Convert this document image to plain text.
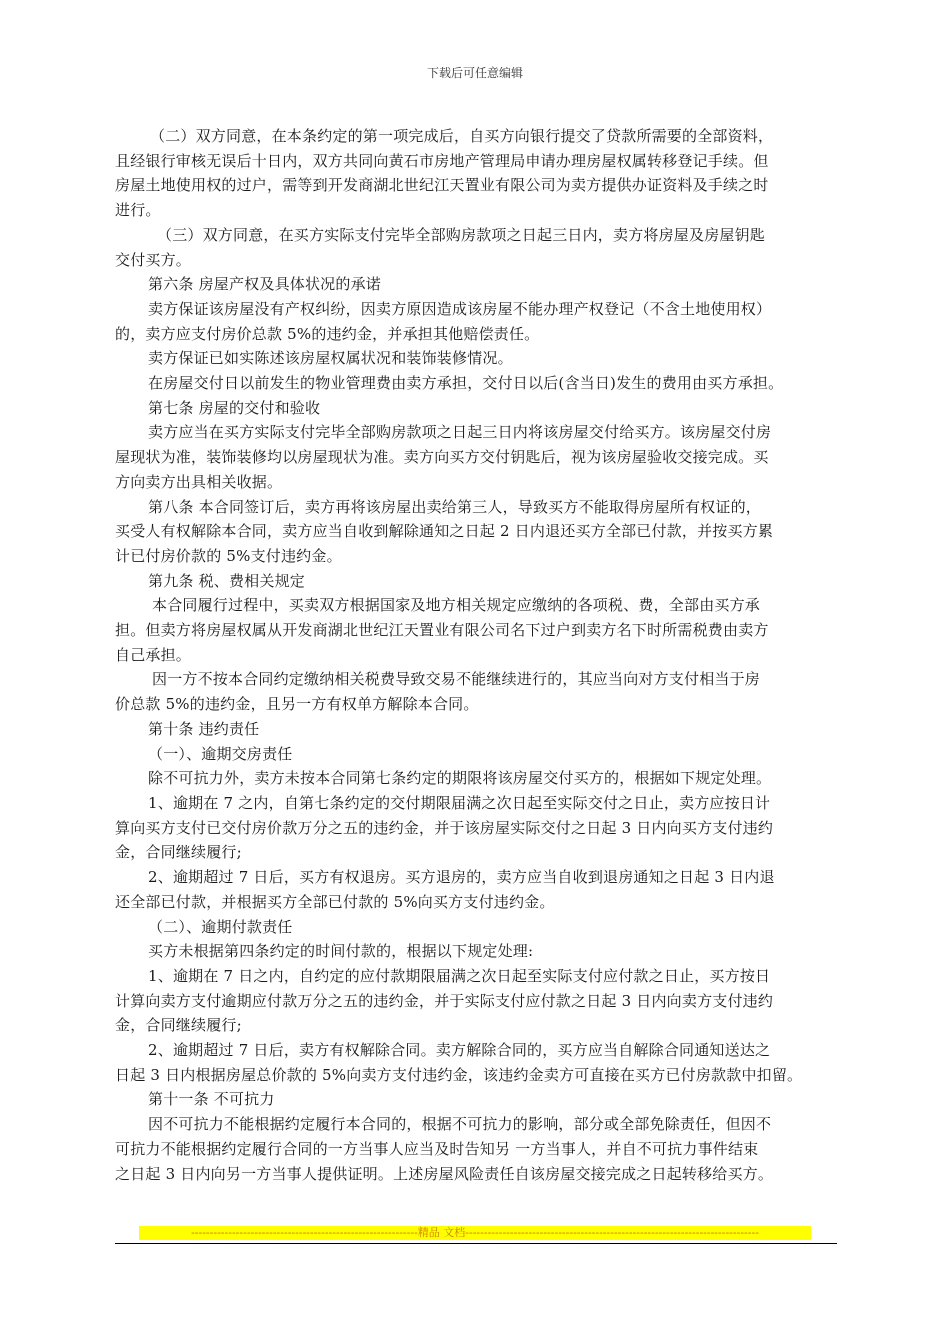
下载后可任意编辑
（二）双方同意，在本条约定的第一项完成后，自买方向银行提交了贷款所需要的全部资料，
且经银行审核无误后十日内，双方共同向黄石市房地产管理局申请办理房屋权属转移登记手续。但
房屋土地使用权的过户，需等到开发商湖北世纪江天置业有限公司为卖方提供办证资料及手续之时
进行。
（三）双方同意，在买方实际支付完毕全部购房款项之日起三日内，卖方将房屋及房屋钥匙
交付买方。
第六条 房屋产权及具体状况的承诺
卖方保证该房屋没有产权纠纷，因卖方原因造成该房屋不能办理产权登记（不含土地使用权）
的，卖方应支付房价总款 5%的违约金，并承担其他赔偿责任。
卖方保证已如实陈述该房屋权属状况和装饰装修情况。
在房屋交付日以前发生的物业管理费由卖方承担，交付日以后(含当日)发生的费用由买方承担。
第七条 房屋的交付和验收
卖方应当在买方实际支付完毕全部购房款项之日起三日内将该房屋交付给买方。该房屋交付房
屋现状为准，装饰装修均以房屋现状为准。卖方向买方交付钥匙后，视为该房屋验收交接完成。买
方向卖方出具相关收据。
第八条 本合同签订后，卖方再将该房屋出卖给第三人，导致买方不能取得房屋所有权证的，
买受人有权解除本合同，卖方应当自收到解除通知之日起 2 日内退还买方全部已付款，并按买方累
计已付房价款的 5%支付违约金。
第九条 税、费相关规定
本合同履行过程中，买卖双方根据国家及地方相关规定应缴纳的各项税、费，全部由买方承
担。但卖方将房屋权属从开发商湖北世纪江天置业有限公司名下过户到卖方名下时所需税费由卖方
自己承担。
因一方不按本合同约定缴纳相关税费导致交易不能继续进行的，其应当向对方支付相当于房
价总款 5%的违约金，且另一方有权单方解除本合同。
第十条 违约责任
（一）、逾期交房责任
除不可抗力外，卖方未按本合同第七条约定的期限将该房屋交付买方的，根据如下规定处理。
1、逾期在 7 之内，自第七条约定的交付期限届满之次日起至实际交付之日止，卖方应按日计
算向买方支付已交付房价款万分之五的违约金，并于该房屋实际交付之日起 3 日内向买方支付违约
金，合同继续履行;
2、逾期超过 7 日后，买方有权退房。买方退房的，卖方应当自收到退房通知之日起 3 日内退
还全部已付款，并根据买方全部已付款的 5%向买方支付违约金。
（二）、逾期付款责任
买方未根据第四条约定的时间付款的，根据以下规定处理:
1、逾期在 7 日之内，自约定的应付款期限届满之次日起至实际支付应付款之日止，买方按日
计算向卖方支付逾期应付款万分之五的违约金，并于实际支付应付款之日起 3 日内向卖方支付违约
金，合同继续履行;
2、逾期超过 7 日后，卖方有权解除合同。卖方解除合同的，买方应当自解除合同通知送达之
日起 3 日内根据房屋总价款的 5%向卖方支付违约金，该违约金卖方可直接在买方已付房款款中扣留。
第十一条 不可抗力
因不可抗力不能根据约定履行本合同的，根据不可抗力的影响，部分或全部免除责任，但因不
可抗力不能根据约定履行合同的一方当事人应当及时告知另 一方当事人，并自不可抗力事件结束
之日起 3 日内向另一方当事人提供证明。上述房屋风险责任自该房屋交接完成之日起转移给买方。
-------------------------------------------------------------精品 文档-------------------------------------------------------------------------------
